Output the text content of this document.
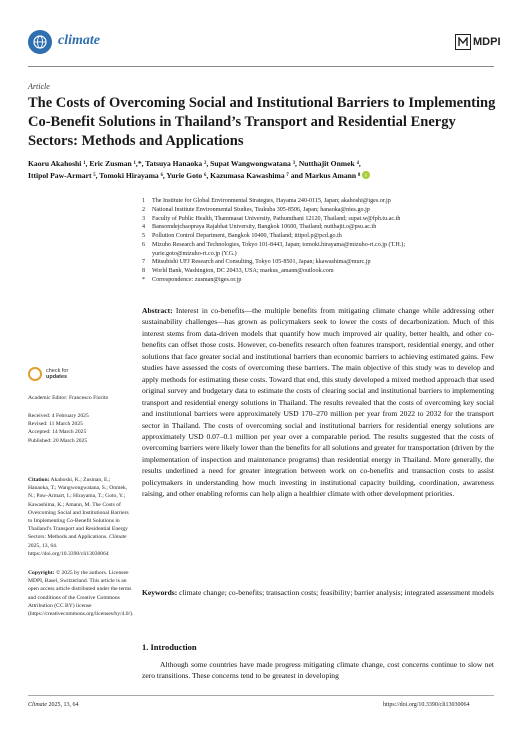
climate	MDPI
Article
The Costs of Overcoming Social and Institutional Barriers to Implementing Co-Benefit Solutions in Thailand’s Transport and Residential Energy Sectors: Methods and Applications
Kaoru Akahoshi ¹, Eric Zusman ¹,*, Tatsuya Hanaoka ², Supat Wangwongwatana ³, Nutthajit Onmek ⁴,
Ittipol Paw-Armart ⁵, Tomoki Hirayama ⁶, Yurie Goto ⁶, Kazumasa Kawashima ⁷ and Markus Amann ⁸ i
1	The Institute for Global Environmental Strategies, Hayama 240-0115, Japan; akahoshi@iges.or.jp
2	National Institute Environmental Studies, Tsukuba 305-8506, Japan; hanaoka@nies.go.jp
3	Faculty of Public Health, Thammasat University, Pathumthani 12120, Thailand; supat.w@fph.tu.ac.th
4	Bansomdejchaopraya Rajabhat University, Bangkok 10600, Thailand; nutthajit.o@psu.ac.th
5	Pollution Control Department, Bangkok 10400, Thailand; ittipol.p@pcd.go.th
6	Mizuho Research and Technologies, Tokyo 101-8443, Japan; tomoki.hirayama@mizuho-rt.co.jp (T.H.);
yurie.goto@mizuho-rt.co.jp (Y.G.)
7	Mitsubishi UFJ Research and Consulting, Tokyo 105-8501, Japan; kkawashima@murc.jp
8	World Bank, Washington, DC 20433, USA; markus_amann@outlook.com
*	Correspondence: zusman@iges.or.jp
check for
updates
Academic Editor: Francesco Fiorito
Received: 4 February 2025
Revised: 11 March 2025
Accepted: 14 March 2025
Published: 20 March 2025
Citation: Akahoshi, K.; Zusman, E.; Hanaoka, T.; Wangwongwatana, S.; Onmek, N.; Paw-Armart, I.; Hirayama, T.; Goto, Y.; Kawashima, K.; Amann, M. The Costs of Overcoming Social and Institutional Barriers to Implementing Co-Benefit Solutions in Thailand’s Transport and Residential Energy Sectors: Methods and Applications. Climate 2025, 13, 64. https://doi.org/10.3390/cli13030064
Copyright: © 2025 by the authors. Licensee MDPI, Basel, Switzerland. This article is an open access article distributed under the terms and conditions of the Creative Commons Attribution (CC BY) license (https://creativecommons.org/licenses/by/4.0/).
Abstract: Interest in co-benefits—the multiple benefits from mitigating climate change while addressing other sustainability challenges—has grown as policymakers seek to lower the costs of decarbonization. Much of this interest stems from data-driven models that quantify how much improved air quality, better health, and other co-benefits can offset those costs. However, co-benefits research often features transport, residential energy, and other solutions that face greater social and institutional barriers than economic barriers to achieving estimated gains. Few studies have assessed the costs of overcoming these barriers. The main objective of this study was to develop and apply methods for estimating these costs. Toward that end, this study developed a mixed method approach that used original survey and budgetary data to estimate the costs of clearing social and institutional barriers to implementing transport and residential energy solutions in Thailand. The results revealed that the costs of overcoming key social and institutional barriers were approximately USD 170–270 million per year from 2022 to 2032 for the transport sector in Thailand. The costs of overcoming social and institutional barriers for residential energy solutions are approximately USD 0.07–0.1 million per year over a comparable period. The results suggested that the costs of overcoming barriers were likely lower than the benefits for all solutions and greater for transportation (driven by the implementation of inspection and maintenance programs) than residential energy in Thailand. More generally, the results underlined a need for greater integration between work on co-benefits and transaction costs to assist policymakers in understanding how much investing in institutional capacity building, coordination, awareness raising, and other enabling reforms can help align a healthier climate with other development priorities.
Keywords: climate change; co-benefits; transaction costs; feasibility; barrier analysis; integrated assessment models
1. Introduction
Although some countries have made progress mitigating climate change, cost concerns continue to slow net zero transitions. These concerns tend to be greatest in developing
Climate 2025, 13, 64	https://doi.org/10.3390/cli13030064
